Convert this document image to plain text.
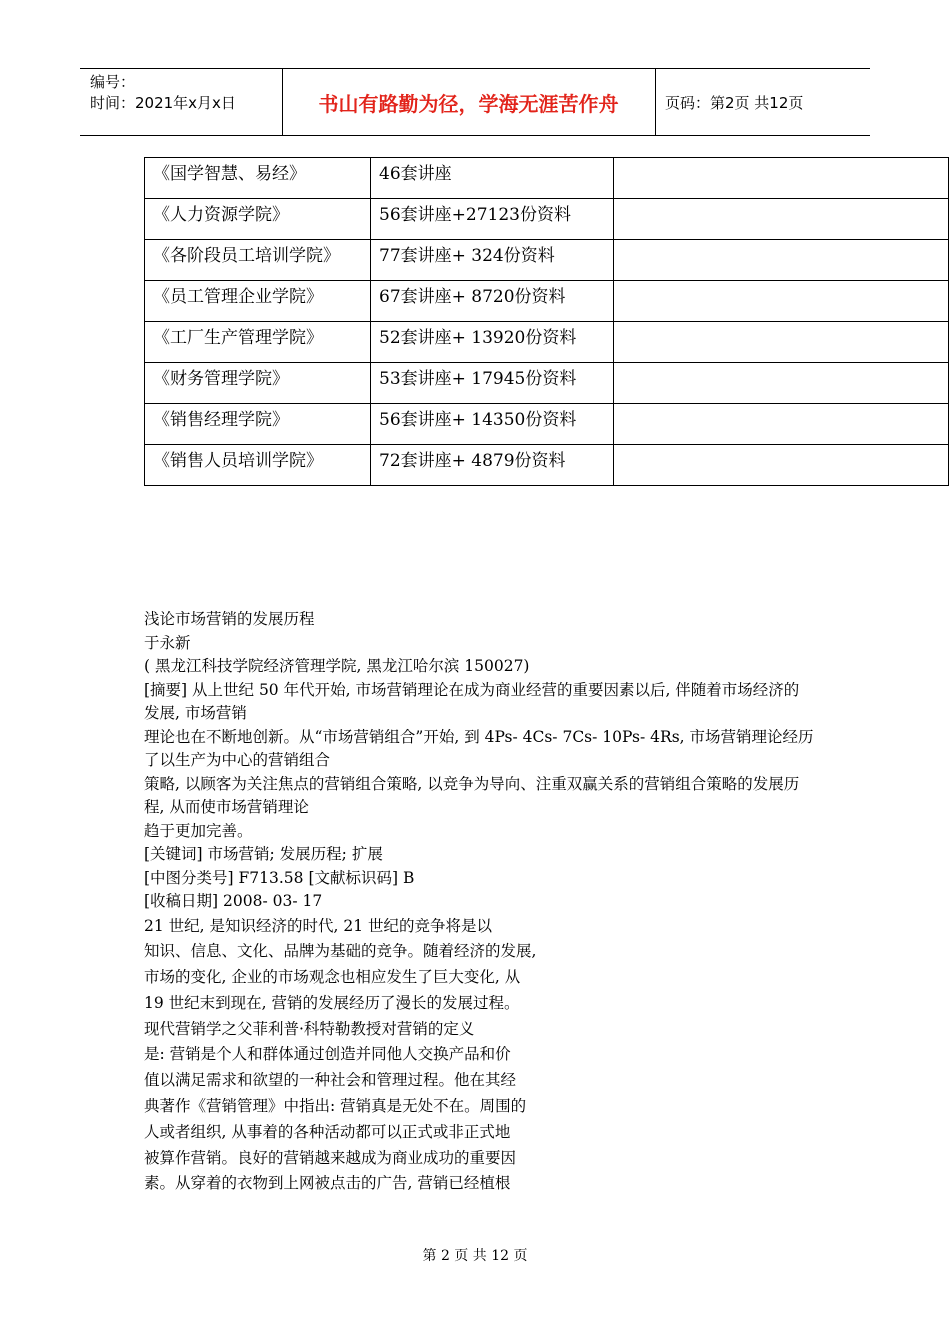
编号：
时间：2021年x月x日	书山有路勤为径，学海无涯苦作舟	页码：第2页 共12页
《国学智慧、易经》	46套讲座	

《人力资源学院》	56套讲座+27123份资料	

《各阶段员工培训学院》	77套讲座+ 324份资料	

《员工管理企业学院》	67套讲座+ 8720份资料	

《工厂生产管理学院》	52套讲座+ 13920份资料	

《财务管理学院》	53套讲座+ 17945份资料	

《销售经理学院》	56套讲座+ 14350份资料	

《销售人员培训学院》	72套讲座+ 4879份资料	

浅论市场营销的发展历程

于永新

( 黑龙江科技学院经济管理学院, 黑龙江哈尔滨 150027)

[摘要] 从上世纪 50 年代开始, 市场营销理论在成为商业经营的重要因素以后, 伴随着市场经济的发展, 市场营销

理论也在不断地创新。从“市场营销组合”开始, 到 4Ps- 4Cs- 7Cs- 10Ps- 4Rs, 市场营销理论经历了以生产为中心的营销组合

策略, 以顾客为关注焦点的营销组合策略, 以竞争为导向、注重双赢关系的营销组合策略的发展历程, 从而使市场营销理论

趋于更加完善。

[关键词] 市场营销; 发展历程; 扩展

[中图分类号] F713.58 [文献标识码] B

[收稿日期] 2008- 03- 17

21 世纪, 是知识经济的时代, 21 世纪的竞争将是以

知识、信息、文化、品牌为基础的竞争。随着经济的发展,

市场的变化, 企业的市场观念也相应发生了巨大变化, 从

19 世纪末到现在, 营销的发展经历了漫长的发展过程。

现代营销学之父菲利普·科特勒教授对营销的定义

是: 营销是个人和群体通过创造并同他人交换产品和价

值以满足需求和欲望的一种社会和管理过程。他在其经

典著作《营销管理》中指出: 营销真是无处不在。周围的

人或者组织, 从事着的各种活动都可以正式或非正式地

被算作营销。良好的营销越来越成为商业成功的重要因

素。从穿着的衣物到上网被点击的广告, 营销已经植根

第 2 页 共 12 页
